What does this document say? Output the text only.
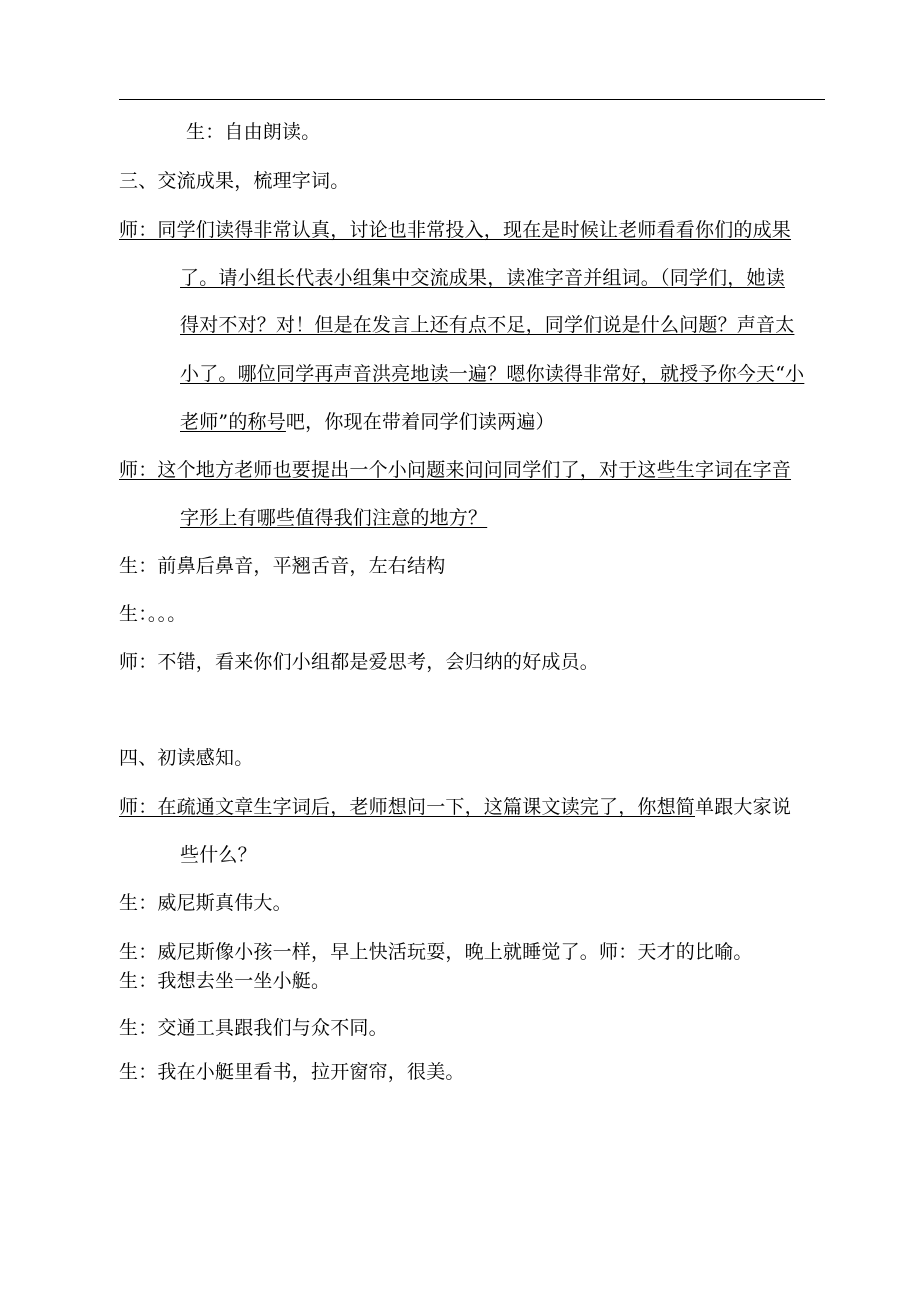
生：自由朗读。
三、交流成果，梳理字词。
师：同学们读得非常认真，讨论也非常投入，现在是时候让老师看看你们的成果
了。请小组长代表小组集中交流成果，读准字音并组词。（同学们，她读
得对不对？对！但是在发言上还有点不足，同学们说是什么问题？声音太
小了。哪位同学再声音洪亮地读一遍？嗯你读得非常好，就授予你今天“小
老师”的称号吧，你现在带着同学们读两遍）
师：这个地方老师也要提出一个小问题来问问同学们了，对于这些生字词在字音
字形上有哪些值得我们注意的地方？
生：前鼻后鼻音，平翘舌音，左右结构
生：。。。
师：不错，看来你们小组都是爱思考，会归纳的好成员。
四、初读感知。
师：在疏通文章生字词后，老师想问一下，这篇课文读完了，你想简单跟大家说
些什么？
生：威尼斯真伟大。
生：威尼斯像小孩一样，早上快活玩耍，晚上就睡觉了。师：天才的比喻。
生：我想去坐一坐小艇。
生：交通工具跟我们与众不同。
生：我在小艇里看书，拉开窗帘，很美。
